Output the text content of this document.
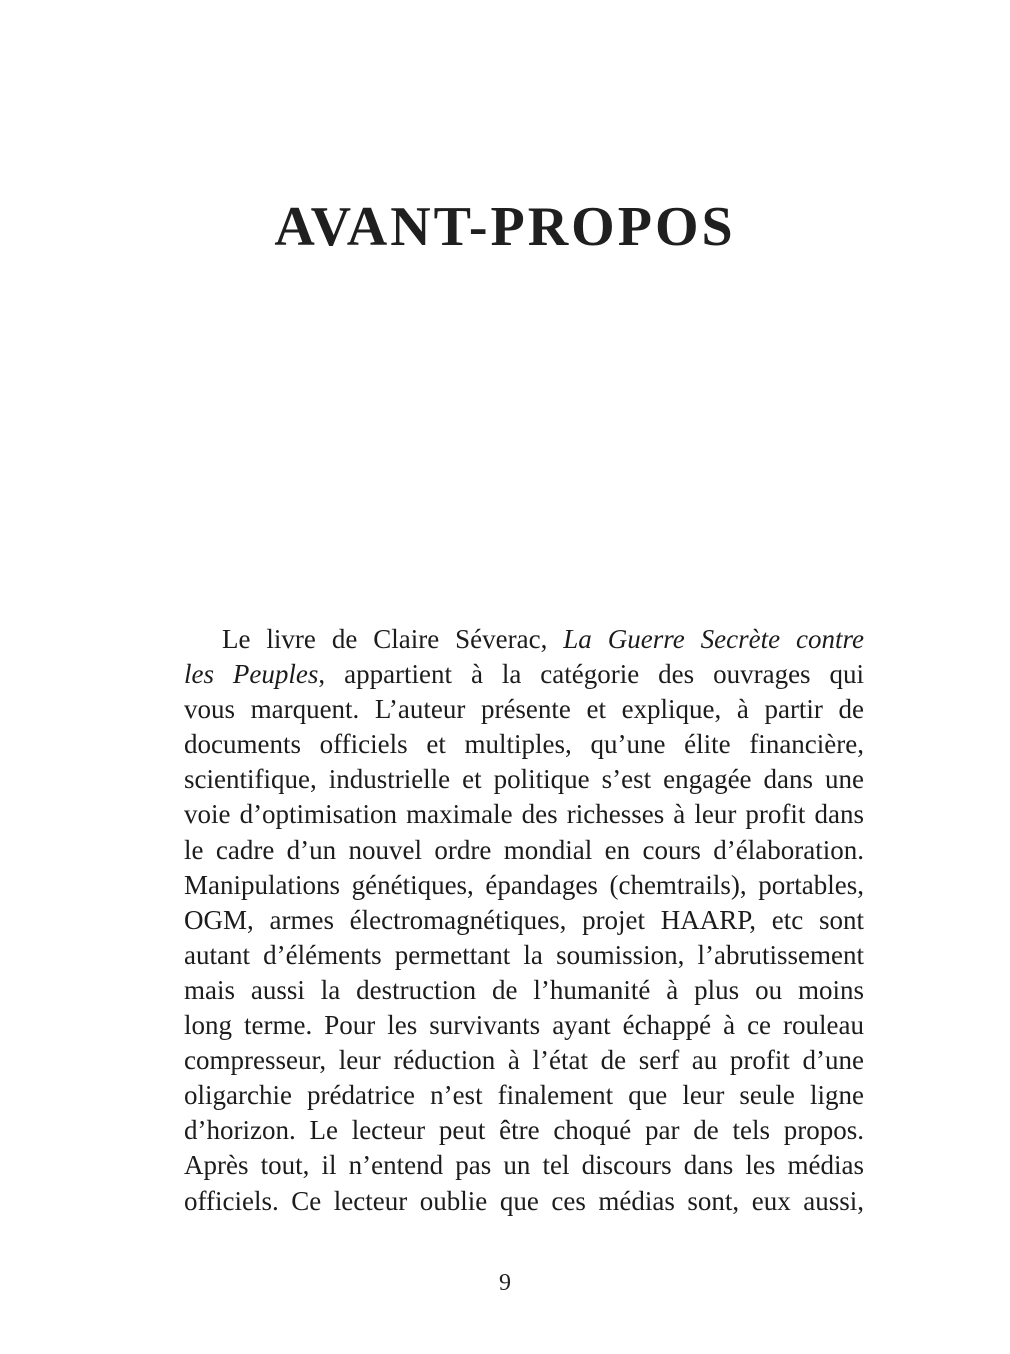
AVANT-PROPOS
Le livre de Claire Séverac, La Guerre Secrète contre
les Peuples, appartient à la catégorie des ouvrages qui
vous marquent. L’auteur présente et explique, à partir de
documents officiels et multiples, qu’une élite financière,
scientifique, industrielle et politique s’est engagée dans une
voie d’optimisation maximale des richesses à leur profit dans
le cadre d’un nouvel ordre mondial en cours d’élaboration.
Manipulations génétiques, épandages (chemtrails), portables,
OGM, armes électromagnétiques, projet HAARP, etc sont
autant d’éléments permettant la soumission, l’abrutissement
mais aussi la destruction de l’humanité à plus ou moins
long terme. Pour les survivants ayant échappé à ce rouleau
compresseur, leur réduction à l’état de serf au profit d’une
oligarchie prédatrice n’est finalement que leur seule ligne
d’horizon. Le lecteur peut être choqué par de tels propos.
Après tout, il n’entend pas un tel discours dans les médias
officiels. Ce lecteur oublie que ces médias sont, eux aussi,
9
